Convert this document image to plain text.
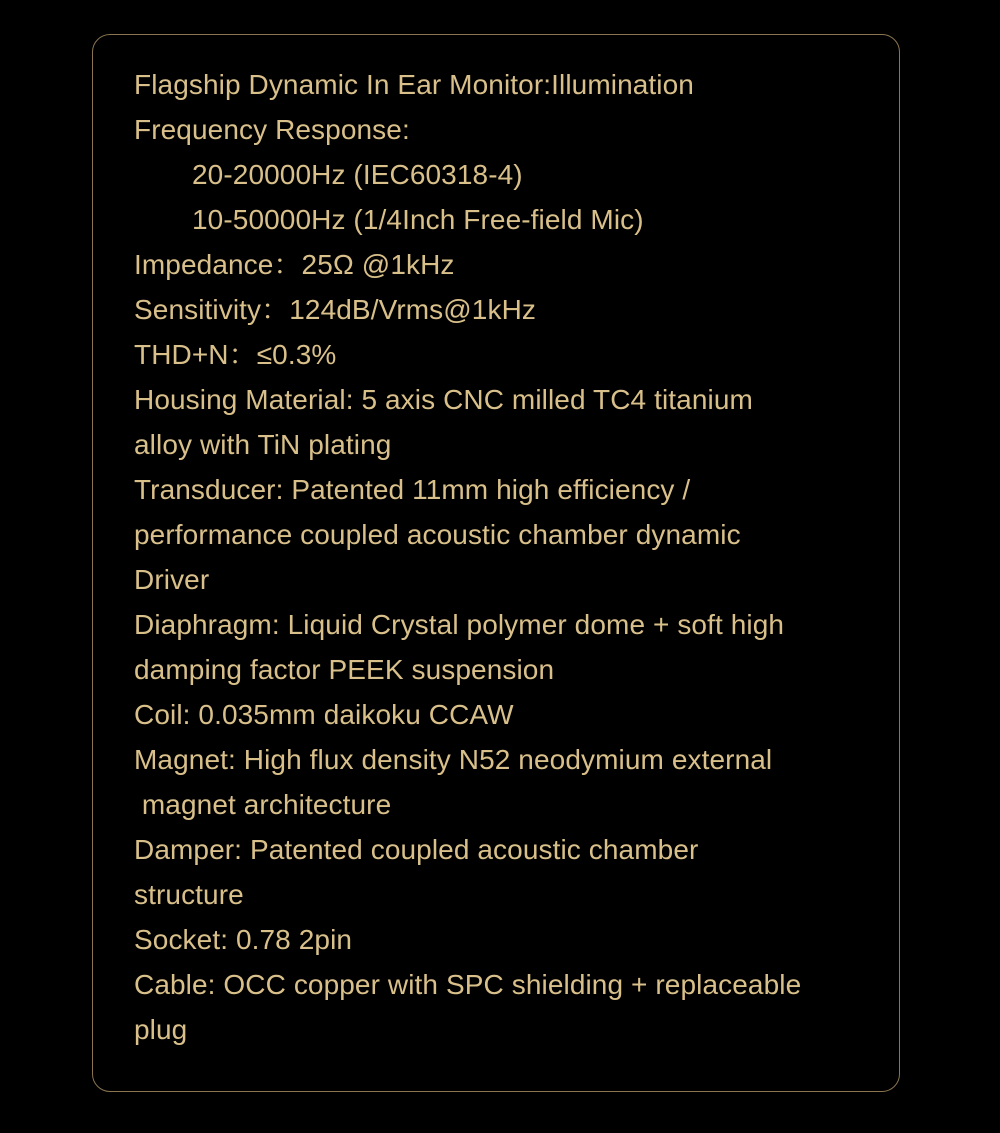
Flagship Dynamic In Ear Monitor:Illumination
Frequency Response:
20-20000Hz (IEC60318-4)
10-50000Hz (1/4Inch Free-field Mic)
Impedance：25Ω @1kHz
Sensitivity：124dB/Vrms@1kHz
THD+N：≤0.3%
Housing Material: 5 axis CNC milled TC4 titanium
alloy with TiN plating
Transducer: Patented 11mm high efficiency /
performance coupled acoustic chamber dynamic
Driver
Diaphragm: Liquid Crystal polymer dome + soft high
damping factor PEEK suspension
Coil: 0.035mm daikoku CCAW
Magnet: High flux density N52 neodymium external
magnet architecture
Damper: Patented coupled acoustic chamber
structure
Socket: 0.78 2pin
Cable: OCC copper with SPC shielding + replaceable
plug
